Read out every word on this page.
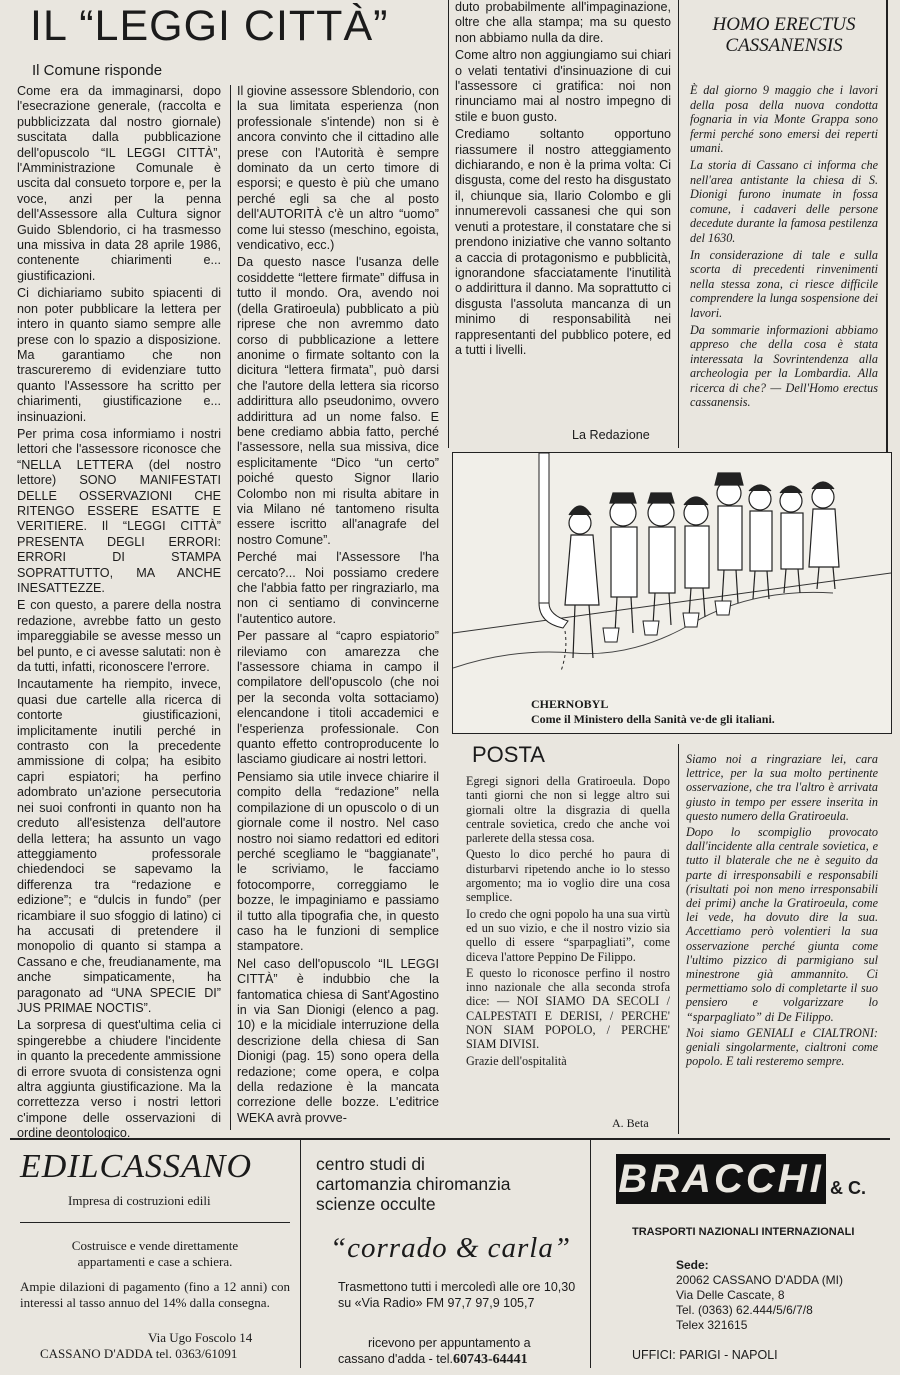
IL “LEGGI CITTÀ”
Il Comune risponde

Come era da immaginarsi, dopo l'esecrazione generale, (raccolta e pubblicizzata dal nostro giornale) suscitata dalla pubblicazione dell'opuscolo “IL LEGGI CITTÀ”, l'Amministrazione Comunale è uscita dal consueto torpore e, per la voce, anzi per la penna dell'Assessore alla Cultura signor Guido Sblendorio, ci ha trasmesso una missiva in data 28 aprile 1986, contenente chiarimenti e... giustificazioni.

Ci dichiariamo subito spiacenti di non poter pubblicare la lettera per intero in quanto siamo sempre alle prese con lo spazio a disposizione. Ma garantiamo che non trascureremo di evidenziare tutto quanto l'Assessore ha scritto per chiarimenti, giustificazione e... insinuazioni.

Per prima cosa informiamo i nostri lettori che l'assessore riconosce che “NELLA LETTERA (del nostro lettore) SONO MANIFESTATI DELLE OSSERVAZIONI CHE RITENGO ESSERE ESATTE E VERITIERE. Il “LEGGI CITTÀ” PRESENTA DEGLI ERRORI: ERRORI DI STAMPA SOPRATTUTTO, MA ANCHE INESATTEZZE.

E con questo, a parere della nostra redazione, avrebbe fatto un gesto impareggiabile se avesse messo un bel punto, e ci avesse salutati: non è da tutti, infatti, riconoscere l'errore.

Incautamente ha riempito, invece, quasi due cartelle alla ricerca di contorte giustificazioni, implicitamente inutili perché in contrasto con la precedente ammissione di colpa; ha esibito capri espiatori; ha perfino adombrato un'azione persecutoria nei suoi confronti in quanto non ha creduto all'esistenza dell'autore della lettera; ha assunto un vago atteggiamento professorale chiedendoci se sapevamo la differenza tra “redazione e edizione”; e “dulcis in fundo” (per ricambiare il suo sfoggio di latino) ci ha accusati di pretendere il monopolio di quanto si stampa a Cassano e che, freudianamente, ma anche simpaticamente, ha paragonato ad “UNA SPECIE DI” JUS PRIMAE NOCTIS”.

La sorpresa di quest'ultima celia ci spingerebbe a chiudere l'incidente in quanto la precedente ammissione di errore svuota di consistenza ogni altra aggiunta giustificazione. Ma la correttezza verso i nostri lettori c'impone delle osservazioni di ordine deontologico.

Il giovine assessore Sblendorio, con la sua limitata esperienza (non professionale s'intende) non si è ancora convinto che il cittadino alle prese con l'Autorità è sempre dominato da un certo timore di esporsi; e questo è più che umano perché egli sa che al posto dell'AUTORITÀ c'è un altro “uomo” come lui stesso (meschino, egoista, vendicativo, ecc.)

Da questo nasce l'usanza delle cosiddette “lettere firmate” diffusa in tutto il mondo. Ora, avendo noi (della Gratiroeula) pubblicato a più riprese che non avremmo dato corso di pubblicazione a lettere anonime o firmate soltanto con la dicitura “lettera firmata”, può darsi che l'autore della lettera sia ricorso addirittura allo pseudonimo, ovvero addirittura ad un nome falso. E bene crediamo abbia fatto, perché l'assessore, nella sua missiva, dice esplicitamente “Dico “un certo” poiché questo Signor Ilario Colombo non mi risulta abitare in via Milano né tantomeno risulta essere iscritto all'anagrafe del nostro Comune”.

Perché mai l'Assessore l'ha cercato?... Noi possiamo credere che l'abbia fatto per ringraziarlo, ma non ci sentiamo di convincerne l'autentico autore.

Per passare al “capro espiatorio” rileviamo con amarezza che l'assessore chiama in campo il compilatore dell'opuscolo (che noi per la seconda volta sottaciamo) elencandone i titoli accademici e l'esperienza professionale. Con quanto effetto controproducente lo lasciamo giudicare ai nostri lettori.

Pensiamo sia utile invece chiarire il compito della “redazione” nella compilazione di un opuscolo o di un giornale come il nostro. Nel caso nostro noi siamo redattori ed editori perché scegliamo le “baggianate”, le scriviamo, le facciamo fotocomporre, correggiamo le bozze, le impaginiamo e passiamo il tutto alla tipografia che, in questo caso ha le funzioni di semplice stampatore.

Nel caso dell'opuscolo “IL LEGGI CITTÀ” è indubbio che la fantomatica chiesa di Sant'Agostino in via San Dionigi (elenco a pag. 10) e la micidiale interruzione della descrizione della chiesa di San Dionigi (pag. 15) sono opera della redazione; come opera, e colpa della redazione è la mancata correzione delle bozze. L'editrice WEKA avrà provve-

duto probabilmente all'impaginazione, oltre che alla stampa; ma su questo non abbiamo nulla da dire.

Come altro non aggiungiamo sui chiari o velati tentativi d'insinuazione di cui l'assessore ci gratifica: noi non rinunciamo mai al nostro impegno di stile e buon gusto.

Crediamo soltanto opportuno riassumere il nostro atteggiamento dichiarando, e non è la prima volta: Ci disgusta, come del resto ha disgustato il, chiunque sia, Ilario Colombo e gli innumerevoli cassanesi che qui son venuti a protestare, il constatare che si prendono iniziative che vanno soltanto a caccia di protagonismo e pubblicità, ignorandone sfacciatamente l'inutilità o addirittura il danno. Ma soprattutto ci disgusta l'assoluta mancanza di un minimo di responsabilità nei rappresentanti del pubblico potere, ed a tutti i livelli.

La Redazione
HOMO ERECTUS
CASSANENSIS

È dal giorno 9 maggio che i lavori della posa della nuova condotta fognaria in via Monte Grappa sono fermi perché sono emersi dei reperti umani.

La storia di Cassano ci informa che nell'area antistante la chiesa di S. Dionigi furono inumate in fossa comune, i cadaveri delle persone decedute durante la famosa pestilenza del 1630.

In considerazione di tale e sulla scorta di precedenti rinvenimenti nella stessa zona, ci riesce difficile comprendere la lunga sospensione dei lavori.

Da sommarie informazioni abbiamo appreso che della cosa è stata interessata la Sovrintendenza alla archeologia per la Lombardia. Alla ricerca di che? — Dell'Homo erectus cassanensis.

CHERNOBYL
Come il Ministero della Sanità ve·de gli italiani.
POSTA

Egregi signori della Gratiroeula. Dopo tanti giorni che non si legge altro sui giornali oltre la disgrazia di quella centrale sovietica, credo che anche voi parlerete della stessa cosa.

Questo lo dico perché ho paura di disturbarvi ripetendo anche io lo stesso argomento; ma io voglio dire una cosa semplice.

Io credo che ogni popolo ha una sua virtù ed un suo vizio, e che il nostro vizio sia quello di essere “sparpagliati”, come diceva l'attore Peppino De Filippo.

E questo lo riconosce perfino il nostro inno nazionale che alla seconda strofa dice: — NOI SIAMO DA SECOLI / CALPESTATI E DERISI, / PERCHE' NON SIAM POPOLO, / PERCHE' SIAM DIVISI.

Grazie dell'ospitalità

A. Beta

Siamo noi a ringraziare lei, cara lettrice, per la sua molto pertinente osservazione, che tra l'altro è arrivata giusto in tempo per essere inserita in questo numero della Gratiroeula.

Dopo lo scompiglio provocato dall'incidente alla centrale sovietica, e tutto il blaterale che ne è seguito da parte di irresponsabili e responsabili (risultati poi non meno irresponsabili dei primi) anche la Gratiroeula, come lei vede, ha dovuto dire la sua. Accettiamo però volentieri la sua osservazione perché giunta come l'ultimo pizzico di parmigiano sul minestrone già ammannito. Ci permettiamo solo di completarte il suo pensiero e volgarizzare lo “sparpagliato” di De Filippo.

Noi siamo GENIALI e CIALTRONI: geniali singolarmente, cialtroni come popolo. E tali resteremo sempre.

EDILCASSANO
Impresa di costruzioni edili
Costruisce e vende direttamente
appartamenti e case a schiera.
Ampie dilazioni di pagamento (fino a 12 anni) con interessi al tasso annuo del 14% dalla consegna.
Via Ugo Foscolo 14
CASSANO D'ADDA tel. 0363/61091
centro studi di
cartomanzia chiromanzia
scienze occulte
“corrado & carla”
Trasmettono tutti i mercoledì alle ore 10,30 su «Via Radio» FM 97,7 97,9 105,7
ricevono per appuntamento a
cassano d'adda - tel.60743-64441
BRACCHI & C.
TRASPORTI NAZIONALI INTERNAZIONALI
Sede:
20062 CASSANO D'ADDA (MI)
Via Delle Cascate, 8
Tel. (0363) 62.444/5/6/7/8
Telex 321615
UFFICI: PARIGI - NAPOLI
